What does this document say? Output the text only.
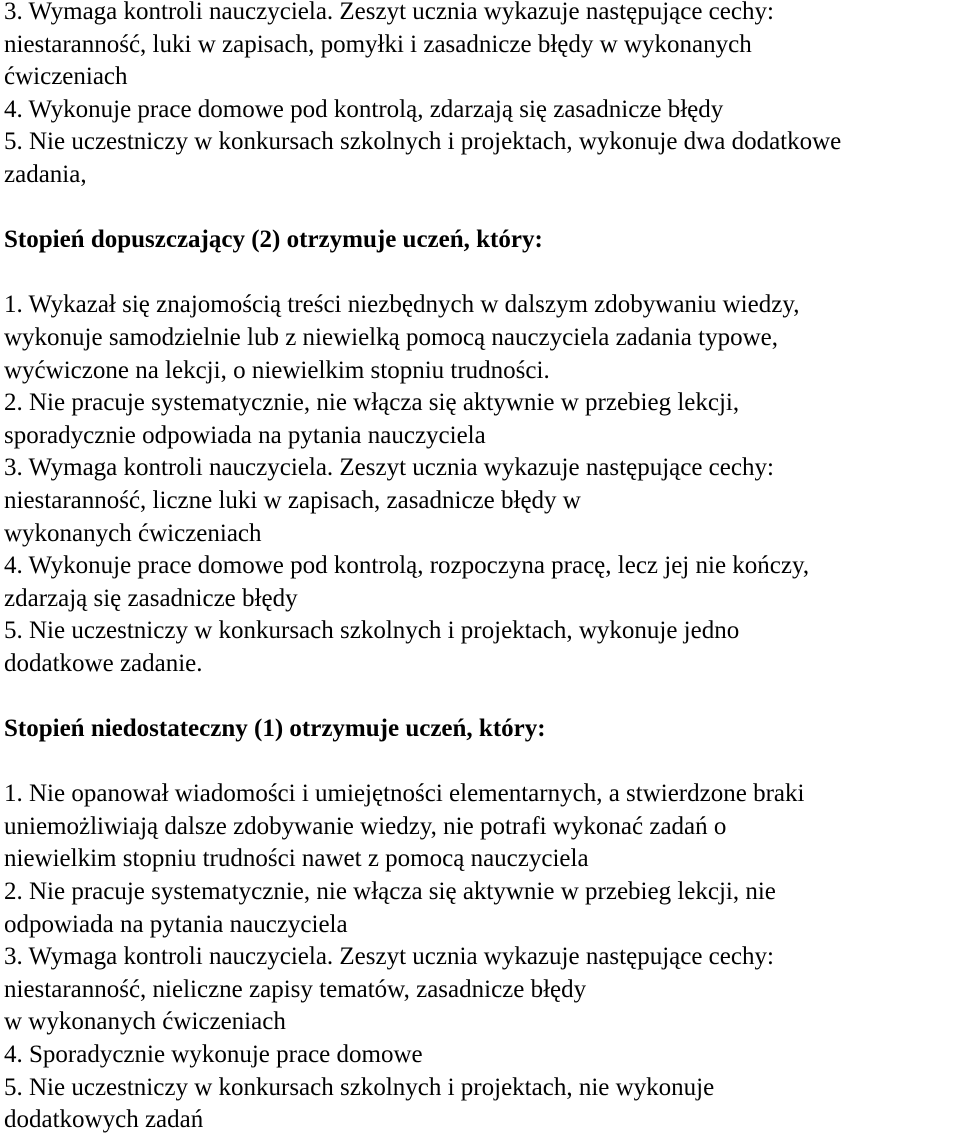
3. Wymaga kontroli nauczyciela. Zeszyt ucznia wykazuje następujące cechy:
niestaranność, luki w zapisach, pomyłki i zasadnicze błędy w wykonanych
ćwiczeniach
4. Wykonuje prace domowe pod kontrolą, zdarzają się zasadnicze błędy
5. Nie uczestniczy w konkursach szkolnych i projektach, wykonuje dwa dodatkowe
zadania,
Stopień dopuszczający (2) otrzymuje uczeń, który:
1. Wykazał się znajomością treści niezbędnych w dalszym zdobywaniu wiedzy,
wykonuje samodzielnie lub z niewielką pomocą nauczyciela zadania typowe,
wyćwiczone na lekcji, o niewielkim stopniu trudności.
2. Nie pracuje systematycznie, nie włącza się aktywnie w przebieg lekcji,
sporadycznie odpowiada na pytania nauczyciela
3. Wymaga kontroli nauczyciela. Zeszyt ucznia wykazuje następujące cechy:
niestaranność, liczne luki w zapisach, zasadnicze błędy w
wykonanych ćwiczeniach
4. Wykonuje prace domowe pod kontrolą, rozpoczyna pracę, lecz jej nie kończy,
zdarzają się zasadnicze błędy
5. Nie uczestniczy w konkursach szkolnych i projektach, wykonuje jedno
dodatkowe zadanie.
Stopień niedostateczny (1) otrzymuje uczeń, który:
1. Nie opanował wiadomości i umiejętności elementarnych, a stwierdzone braki
uniemożliwiają dalsze zdobywanie wiedzy, nie potrafi wykonać zadań o
niewielkim stopniu trudności nawet z pomocą nauczyciela
2. Nie pracuje systematycznie, nie włącza się aktywnie w przebieg lekcji, nie
odpowiada na pytania nauczyciela
3. Wymaga kontroli nauczyciela. Zeszyt ucznia wykazuje następujące cechy:
niestaranność, nieliczne zapisy tematów, zasadnicze błędy
w wykonanych ćwiczeniach
4. Sporadycznie wykonuje prace domowe
5. Nie uczestniczy w konkursach szkolnych i projektach, nie wykonuje
dodatkowych zadań
